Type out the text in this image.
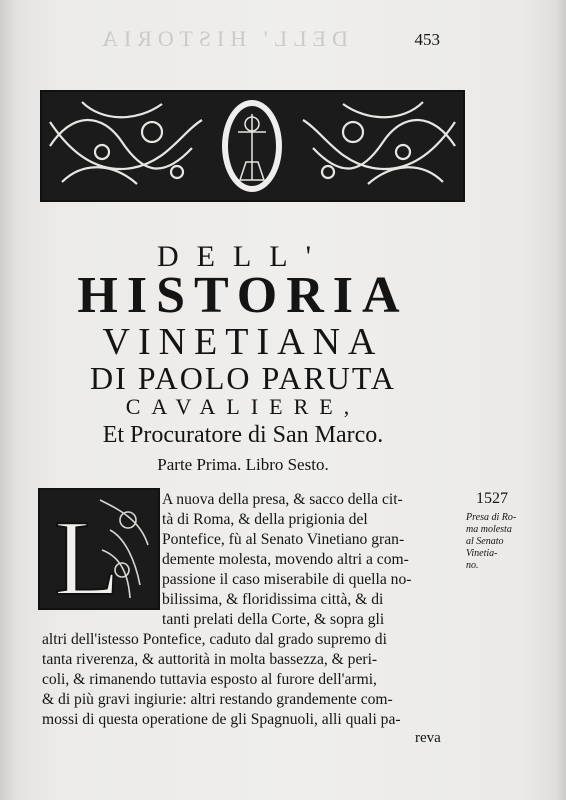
DELL' HISTORIA	453
DELL'
HISTORIA
VINETIANA
DI PAOLO PARUTA
CAVALIERE,
Et Procuratore di San Marco.
Parte Prima. Libro Sesto.
L	A nuova della presa, & sacco della cit-
tà di Roma, & della prigionia del
Pontefice, fù al Senato Vinetiano gran-
demente molesta, movendo altri a com-
passione il caso miserabile di quella no-
bilissima, & floridissima città, & di
tanti prelati della Corte, & sopra gli
altri dell'istesso Pontefice, caduto dal grado supremo di
tanta riverenza, & auttorità in molta bassezza, & peri-
coli, & rimanendo tuttavia esposto al furore dell'armi,
& di più gravi ingiurie: altri restando grandemente com-
mossi di questa operatione de gli Spagnuoli, alli quali pa-
reva
1527
Presa di Ro-
ma molesta
al Senato
Vinetia-
no.
